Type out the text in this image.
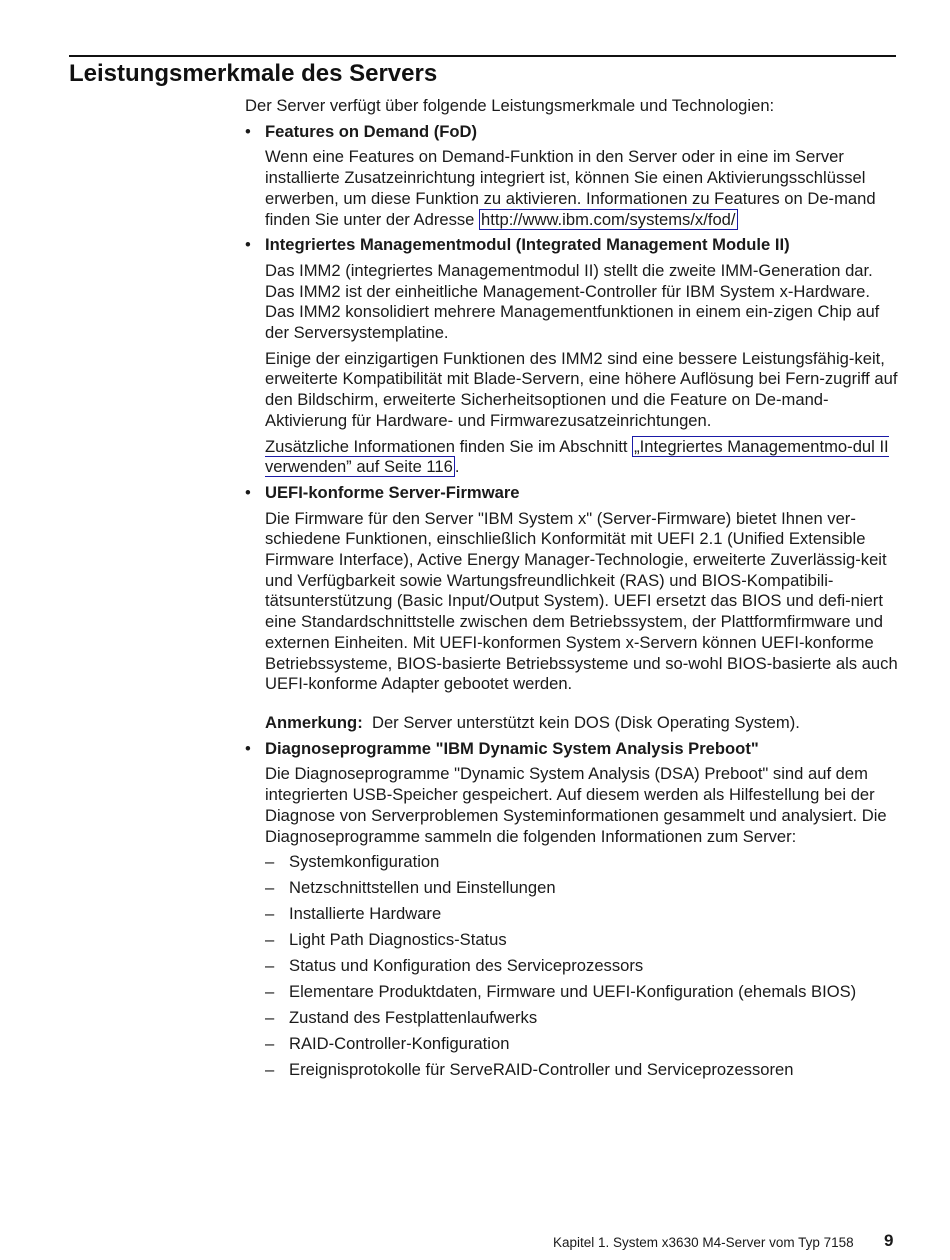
Leistungsmerkmale des Servers

Der Server verfügt über folgende Leistungsmerkmale und Technologien:

• Features on Demand (FoD)

Wenn eine Features on Demand-Funktion in den Server oder in eine im Server installierte Zusatzeinrichtung integriert ist, können Sie einen Aktivierungsschlüssel erwerben, um diese Funktion zu aktivieren. Informationen zu Features on De-mand finden Sie unter der Adresse http://www.ibm.com/systems/x/fod/

• Integriertes Managementmodul (Integrated Management Module II)

Das IMM2 (integriertes Managementmodul II) stellt die zweite IMM-Generation dar. Das IMM2 ist der einheitliche Management-Controller für IBM System x-Hardware. Das IMM2 konsolidiert mehrere Managementfunktionen in einem ein-zigen Chip auf der Serversystemplatine.

Einige der einzigartigen Funktionen des IMM2 sind eine bessere Leistungsfähig-keit, erweiterte Kompatibilität mit Blade-Servern, eine höhere Auflösung bei Fern-zugriff auf den Bildschirm, erweiterte Sicherheitsoptionen und die Feature on De-mand-Aktivierung für Hardware- und Firmwarezusatzeinrichtungen.

Zusätzliche Informationen finden Sie im Abschnitt „Integriertes Managementmo-dul II verwenden” auf Seite 116 .

• UEFI-konforme Server-Firmware

Die Firmware für den Server "IBM System x" (Server-Firmware) bietet Ihnen ver-schiedene Funktionen, einschließlich Konformität mit UEFI 2.1 (Unified Extensible Firmware Interface), Active Energy Manager-Technologie, erweiterte Zuverlässig-keit und Verfügbarkeit sowie Wartungsfreundlichkeit (RAS) und BIOS-Kompatibili-tätsunterstützung (Basic Input/Output System). UEFI ersetzt das BIOS und defi-niert eine Standardschnittstelle zwischen dem Betriebssystem, der Plattformfirmware und externen Einheiten. Mit UEFI-konformen System x-Servern können UEFI-konforme Betriebssysteme, BIOS-basierte Betriebssysteme und so-wohl BIOS-basierte als auch UEFI-konforme Adapter gebootet werden.

Anmerkung: Der Server unterstützt kein DOS (Disk Operating System).

• Diagnoseprogramme "IBM Dynamic System Analysis Preboot"

Die Diagnoseprogramme "Dynamic System Analysis (DSA) Preboot" sind auf dem integrierten USB-Speicher gespeichert. Auf diesem werden als Hilfestellung bei der Diagnose von Serverproblemen Systeminformationen gesammelt und analysiert. Die Diagnoseprogramme sammeln die folgenden Informationen zum Server:

– Systemkonfiguration
– Netzschnittstellen und Einstellungen
– Installierte Hardware
– Light Path Diagnostics-Status
– Status und Konfiguration des Serviceprozessors
– Elementare Produktdaten, Firmware und UEFI-Konfiguration (ehemals BIOS)
– Zustand des Festplattenlaufwerks
– RAID-Controller-Konfiguration
– Ereignisprotokolle für ServeRAID-Controller und Serviceprozessoren
Kapitel 1. System x3630 M4-Server vom Typ 7158 9
